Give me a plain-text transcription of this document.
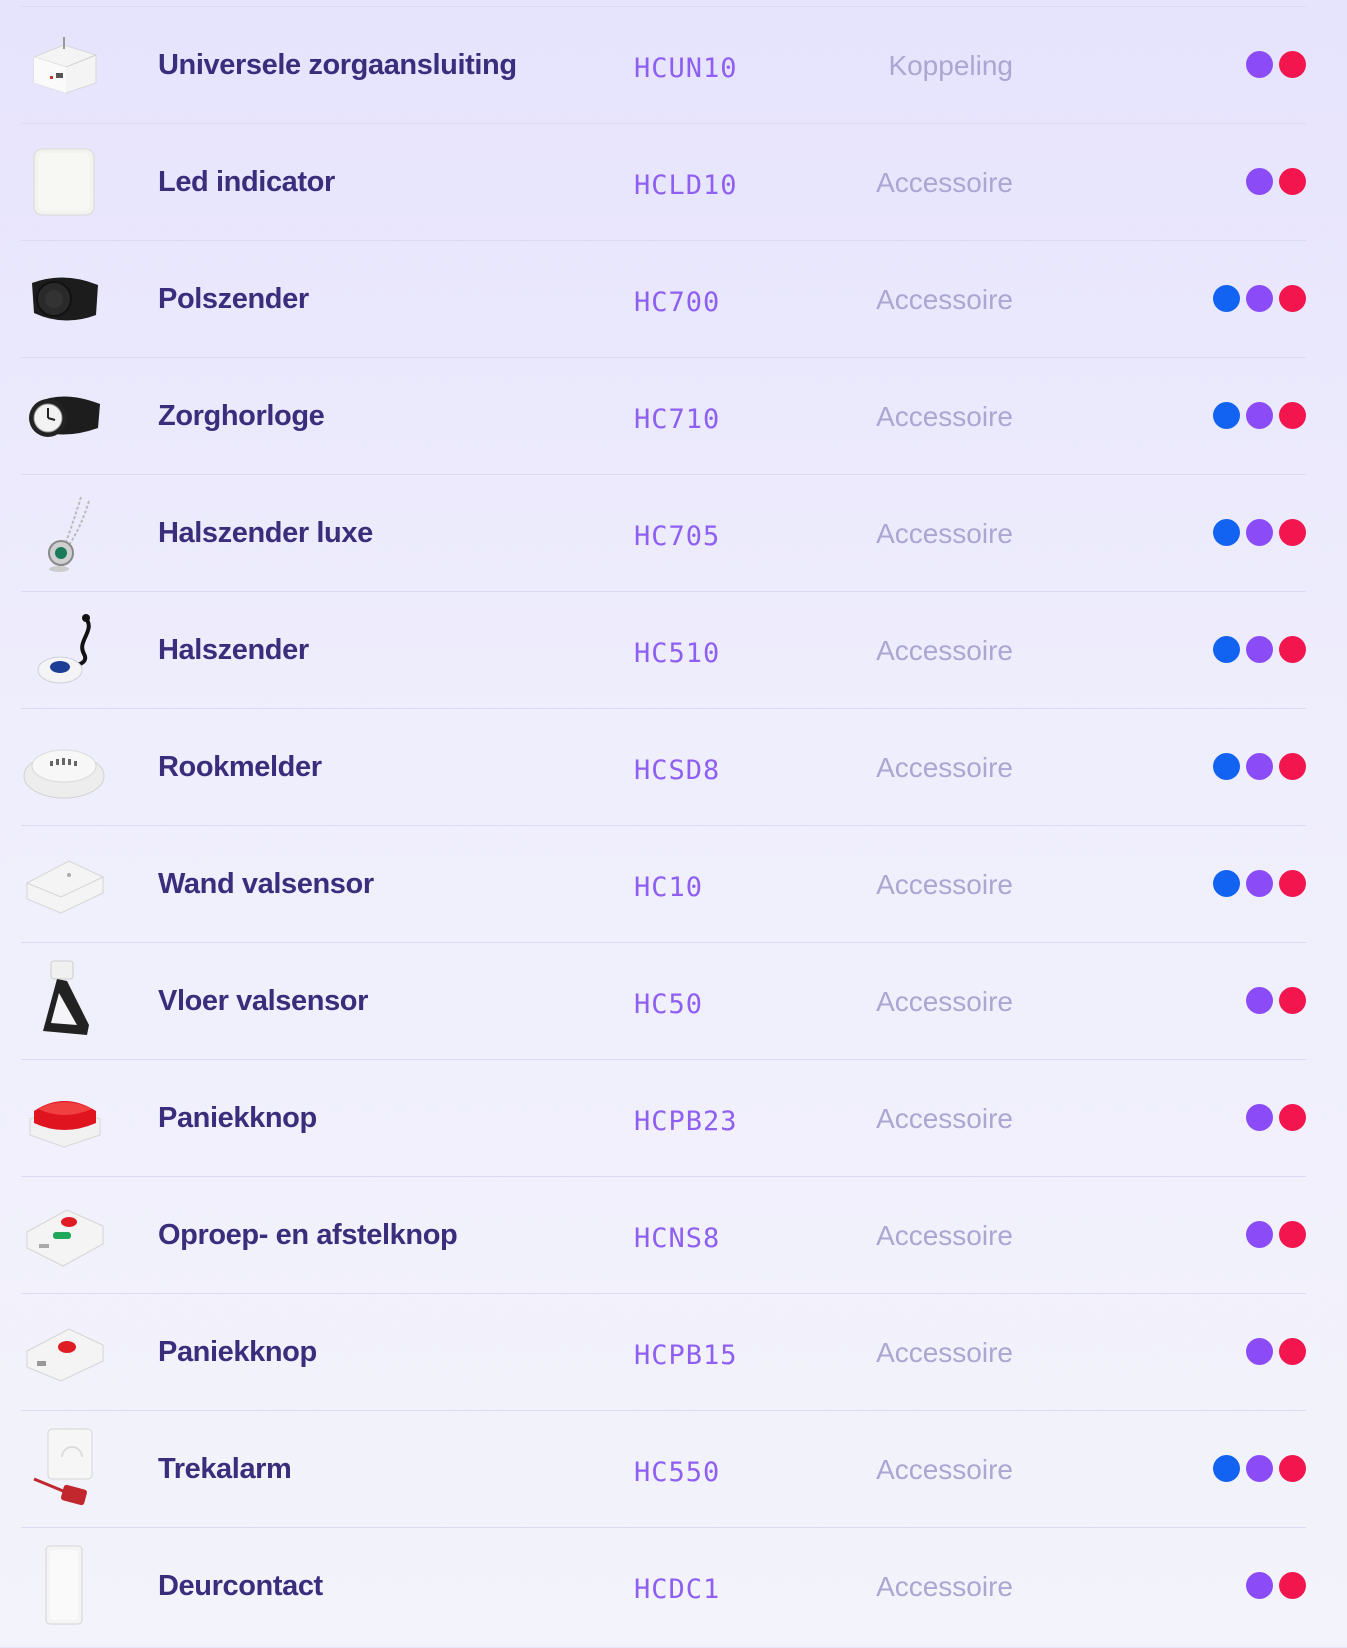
Universele zorgaansluiting	HCUN10	Koppeling
Led indicator	HCLD10	Accessoire
Polszender	HC700	Accessoire
Zorghorloge	HC710	Accessoire
Halszender luxe	HC705	Accessoire
Halszender	HC510	Accessoire
Rookmelder	HCSD8	Accessoire
Wand valsensor	HC10	Accessoire
Vloer valsensor	HC50	Accessoire
Paniekknop	HCPB23	Accessoire
Oproep- en afstelknop	HCNS8	Accessoire
Paniekknop	HCPB15	Accessoire
Trekalarm	HC550	Accessoire
Deurcontact	HCDC1	Accessoire
